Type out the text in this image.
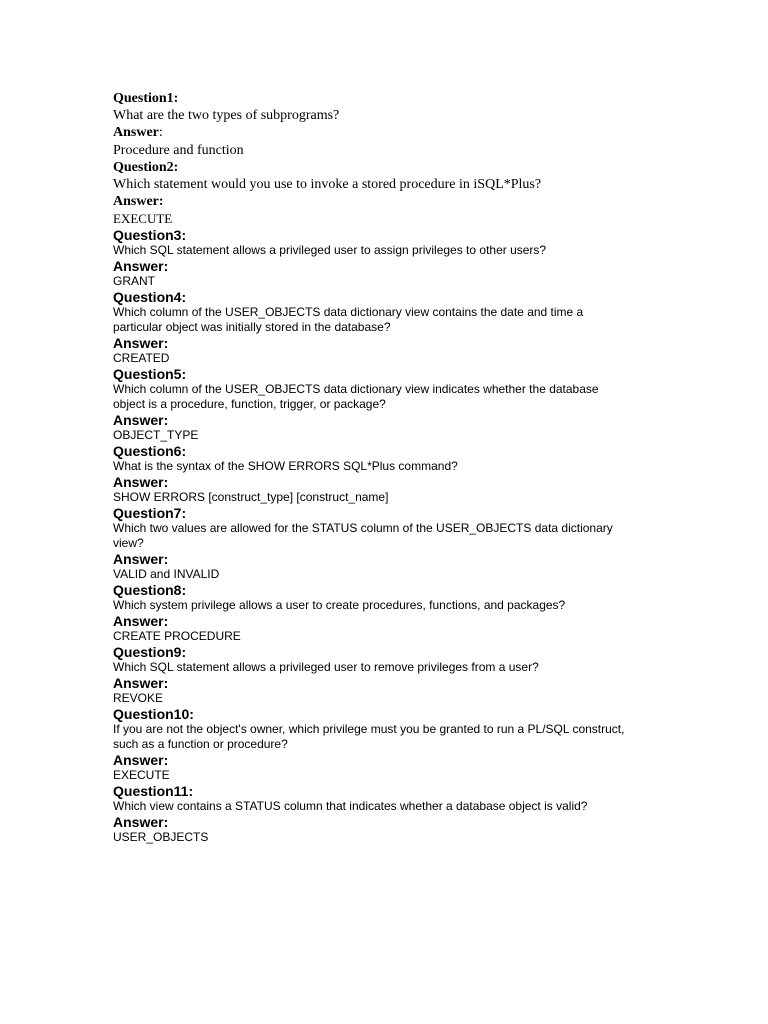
Question1:
What are the two types of subprograms?
Answer:
Procedure and function
Question2:
Which statement would you use to invoke a stored procedure in iSQL*Plus?
Answer:
EXECUTE
Question3:
Which SQL statement allows a privileged user to assign privileges to other users?
Answer:
GRANT
Question4:
Which column of the USER_OBJECTS data dictionary view contains the date and time a
particular object was initially stored in the database?
Answer:
CREATED
Question5:
Which column of the USER_OBJECTS data dictionary view indicates whether the database
object is a procedure, function, trigger, or package?
Answer:
OBJECT_TYPE
Question6:
What is the syntax of the SHOW ERRORS SQL*Plus command?
Answer:
SHOW ERRORS [construct_type] [construct_name]
Question7:
Which two values are allowed for the STATUS column of the USER_OBJECTS data dictionary
view?
Answer:
VALID and INVALID
Question8:
Which system privilege allows a user to create procedures, functions, and packages?
Answer:
CREATE PROCEDURE
Question9:
Which SQL statement allows a privileged user to remove privileges from a user?
Answer:
REVOKE
Question10:
If you are not the object's owner, which privilege must you be granted to run a PL/SQL construct,
such as a function or procedure?
Answer:
EXECUTE
Question11:
Which view contains a STATUS column that indicates whether a database object is valid?
Answer:
USER_OBJECTS
